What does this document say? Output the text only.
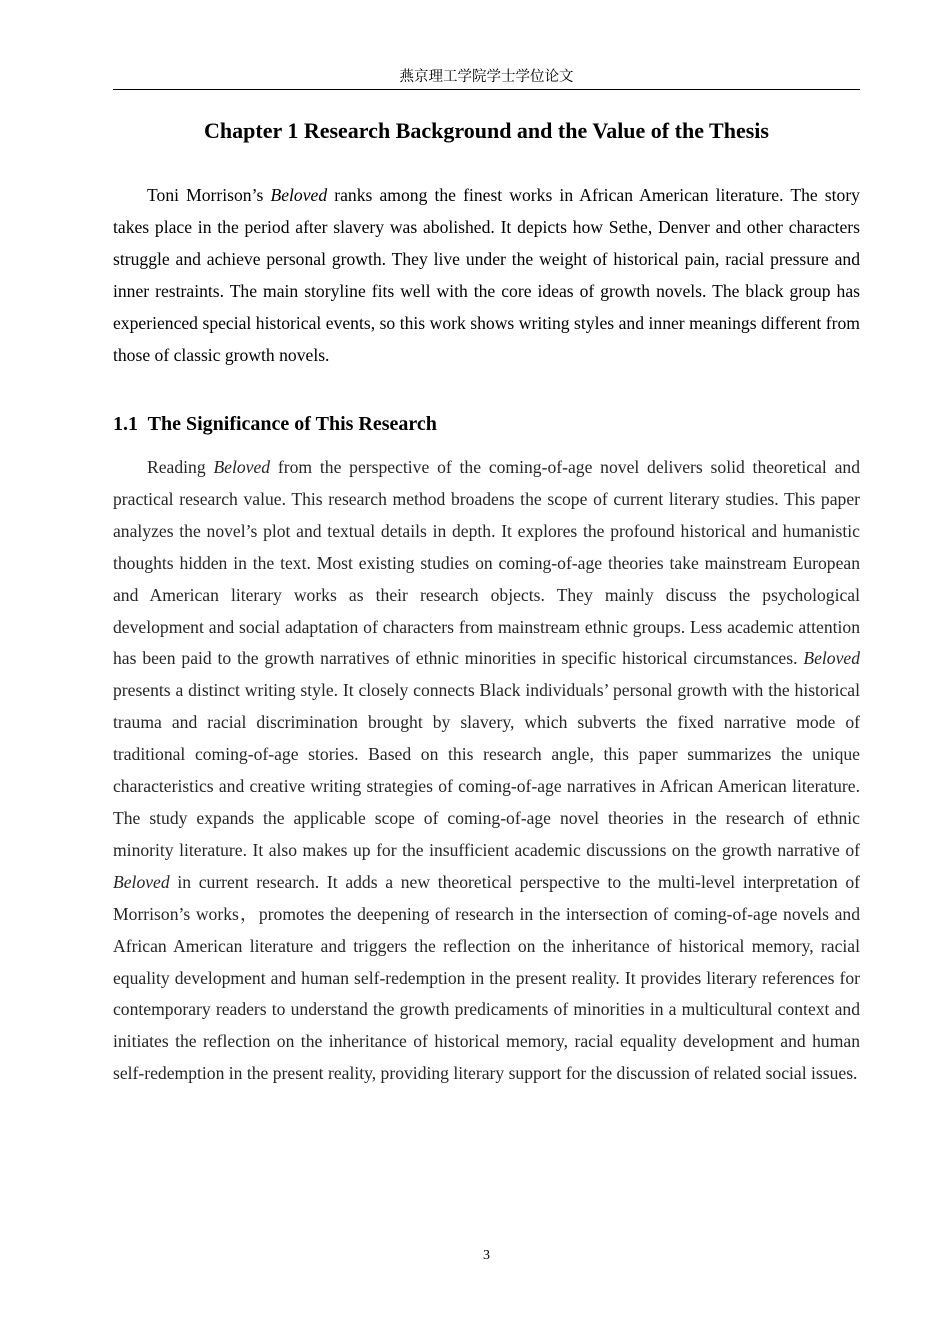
燕京理工学院学士学位论文
Chapter 1 Research Background and the Value of the Thesis

Toni Morrison’s Beloved ranks among the finest works in African American literature. The story takes place in the period after slavery was abolished. It depicts how Sethe, Denver and other characters struggle and achieve personal growth. They live under the weight of historical pain, racial pressure and inner restraints. The main storyline fits well with the core ideas of growth novels. The black group has experienced special historical events, so this work shows writing styles and inner meanings different from those of classic growth novels.

1.1  The Significance of This Research

Reading Beloved from the perspective of the coming-of-age novel delivers solid theoretical and practical research value. This research method broadens the scope of current literary studies. This paper analyzes the novel’s plot and textual details in depth. It explores the profound historical and humanistic thoughts hidden in the text. Most existing studies on coming-of-age theories take mainstream European and American literary works as their research objects. They mainly discuss the psychological development and social adaptation of characters from mainstream ethnic groups. Less academic attention has been paid to the growth narratives of ethnic minorities in specific historical circumstances. Beloved presents a distinct writing style. It closely connects Black individuals’ personal growth with the historical trauma and racial discrimination brought by slavery, which subverts the fixed narrative mode of traditional coming-of-age stories. Based on this research angle, this paper summarizes the unique characteristics and creative writing strategies of coming-of-age narratives in African American literature. The study expands the applicable scope of coming-of-age novel theories in the research of ethnic minority literature. It also makes up for the insufficient academic discussions on the growth narrative of Beloved in current research. It adds a new theoretical perspective to the multi-level interpretation of Morrison’s works，promotes the deepening of research in the intersection of coming-of-age novels and African American literature and triggers the reflection on the inheritance of historical memory, racial equality development and human self-redemption in the present reality. It provides literary references for contemporary readers to understand the growth predicaments of minorities in a multicultural context and initiates the reflection on the inheritance of historical memory, racial equality development and human self-redemption in the present reality, providing literary support for the discussion of related social issues.

3
